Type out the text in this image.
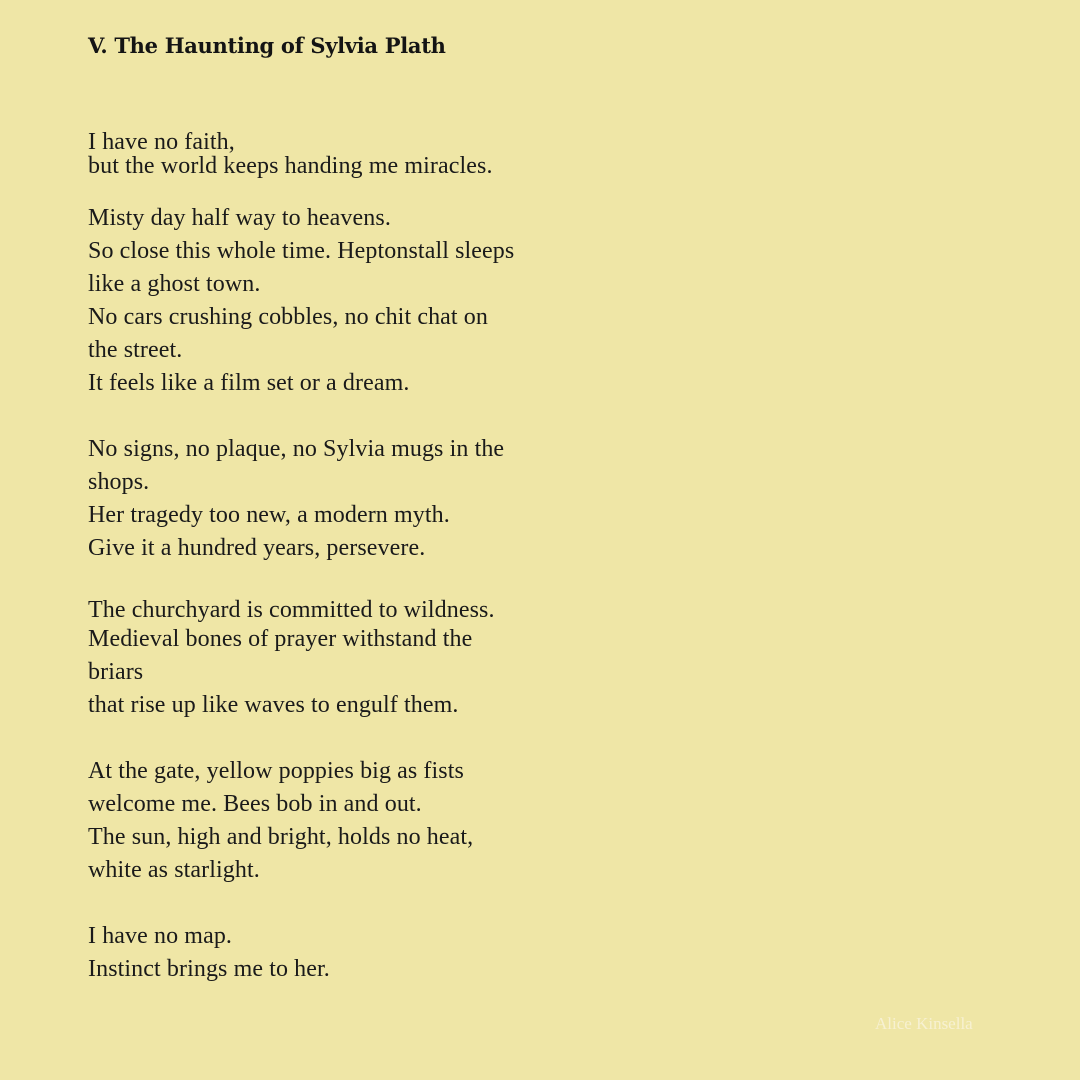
V. The Haunting of Sylvia Plath

I have no faith,

but the world keeps handing me miracles.

Misty day half way to heavens.

So close this whole time. Heptonstall sleeps

like a ghost town.

No cars crushing cobbles, no chit chat on

the street.

It feels like a film set or a dream.

No signs, no plaque, no Sylvia mugs in the

shops.

Her tragedy too new, a modern myth.

Give it a hundred years, persevere.

The churchyard is committed to wildness.

Medieval bones of prayer withstand the

briars

that rise up like waves to engulf them.

At the gate, yellow poppies big as fists

welcome me. Bees bob in and out.

The sun, high and bright, holds no heat,

white as starlight.

I have no map.

Instinct brings me to her.

Alice Kinsella
